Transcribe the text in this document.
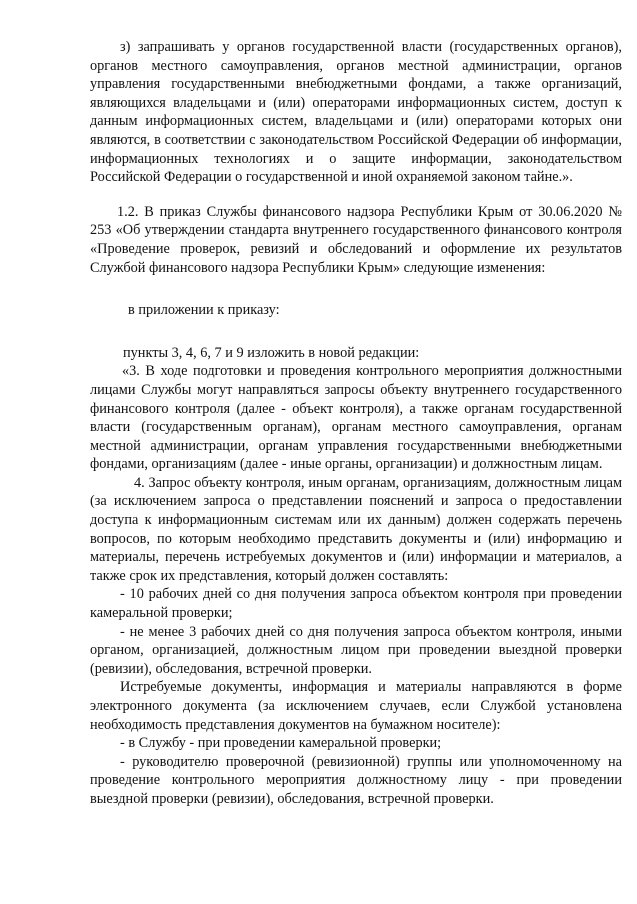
з) запрашивать у органов государственной власти (государственных органов), органов местного самоуправления, органов местной администрации, органов управления государственными внебюджетными фондами, а также организаций, являющихся владельцами и (или) операторами информационных систем, доступ к данным информационных систем, владельцами и (или) операторами которых они являются, в соответствии с законодательством Российской Федерации об информации, информационных технологиях и о защите информации, законодательством Российской Федерации о государственной и иной охраняемой законом тайне.».

1.2. В приказ Службы финансового надзора Республики Крым от 30.06.2020 № 253 «Об утверждении стандарта внутреннего государственного финансового контроля «Проведение проверок, ревизий и обследований и оформление их результатов Службой финансового надзора Республики Крым» следующие изменения:

в приложении к приказу:

пункты 3, 4, 6, 7 и 9 изложить в новой редакции:

«3. В ходе подготовки и проведения контрольного мероприятия должностными лицами Службы могут направляться запросы объекту внутреннего государственного финансового контроля (далее - объект контроля), а также органам государственной власти (государственным органам), органам местного самоуправления, органам местной администрации, органам управления государственными внебюджетными фондами, организациям (далее - иные органы, организации) и должностным лицам.

4. Запрос объекту контроля, иным органам, организациям, должностным лицам (за исключением запроса о представлении пояснений и запроса о предоставлении доступа к информационным системам или их данным) должен содержать перечень вопросов, по которым необходимо представить документы и (или) информацию и материалы, перечень истребуемых документов и (или) информации и материалов, а также срок их представления, который должен составлять:

- 10 рабочих дней со дня получения запроса объектом контроля при проведении камеральной проверки;

- не менее 3 рабочих дней со дня получения запроса объектом контроля, иными органом, организацией, должностным лицом при проведении выездной проверки (ревизии), обследования, встречной проверки.

Истребуемые документы, информация и материалы направляются в форме электронного документа (за исключением случаев, если Службой установлена необходимость представления документов на бумажном носителе):

- в Службу - при проведении камеральной проверки;

- руководителю проверочной (ревизионной) группы или уполномоченному на проведение контрольного мероприятия должностному лицу - при проведении выездной проверки (ревизии), обследования, встречной проверки.
